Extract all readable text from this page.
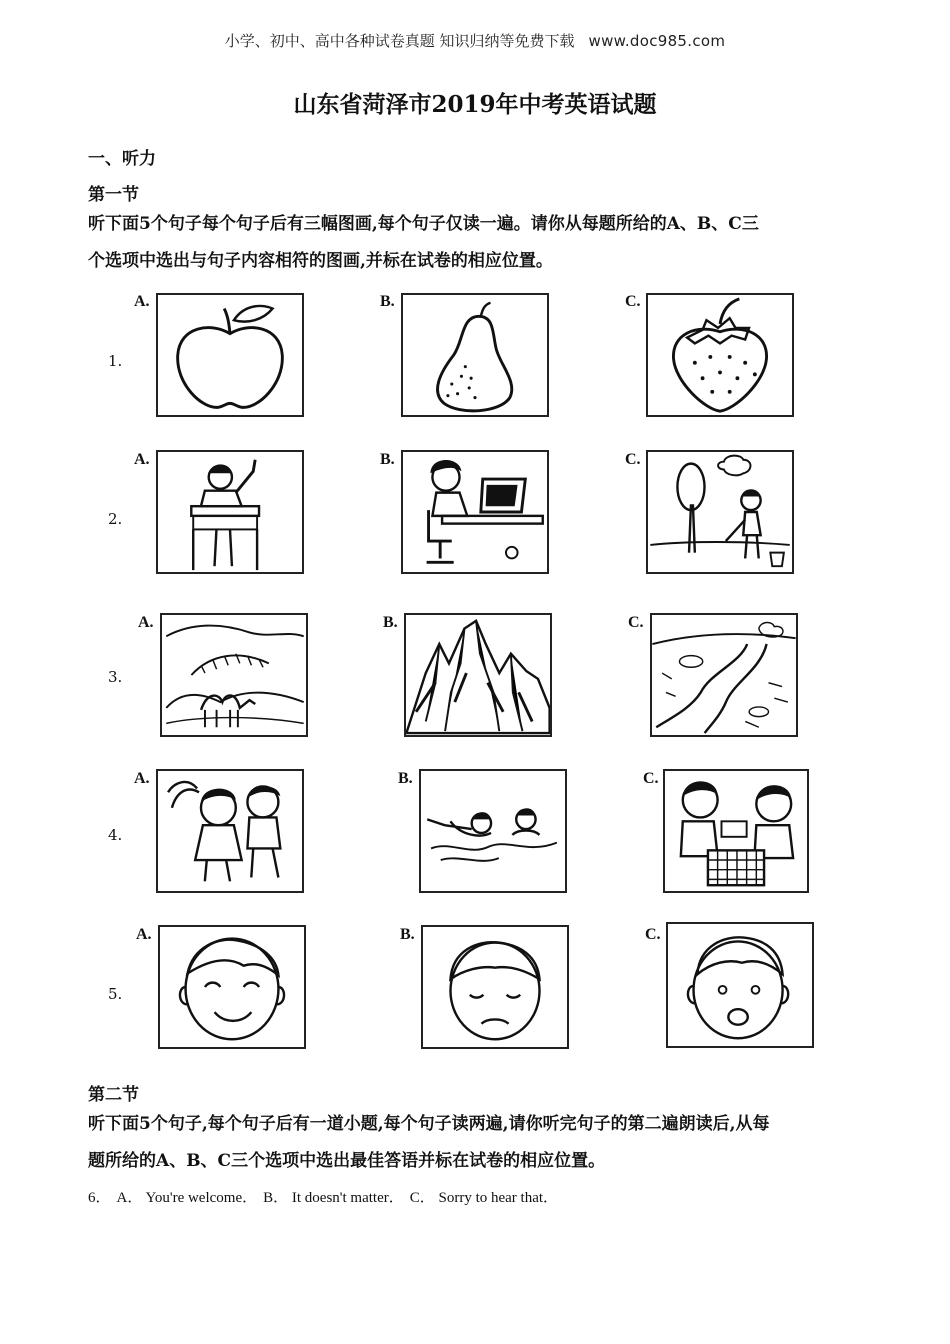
小学、初中、高中各种试卷真题 知识归纳等免费下载 www.doc985.com
山东省菏泽市2019年中考英语试题
一、听力
第一节
听下面5个句子每个句子后有三幅图画,每个句子仅读一遍。请你从每题所给的A、B、C三
个选项中选出与句子内容相符的图画,并标在试卷的相应位置。
1.
A.	B.	C.
2.
A.	B.	C.
3.
A.	B.	C.
4.
A.	B.	C.
5.
A.	B.	C.
第二节
听下面5个句子,每个句子后有一道小题,每个句子读两遍,请你听完句子的第二遍朗读后,从每
题所给的A、B、C三个选项中选出最佳答语并标在试卷的相应位置。
6． A． You're welcome． B． It doesn't matter． C． Sorry to hear that．
